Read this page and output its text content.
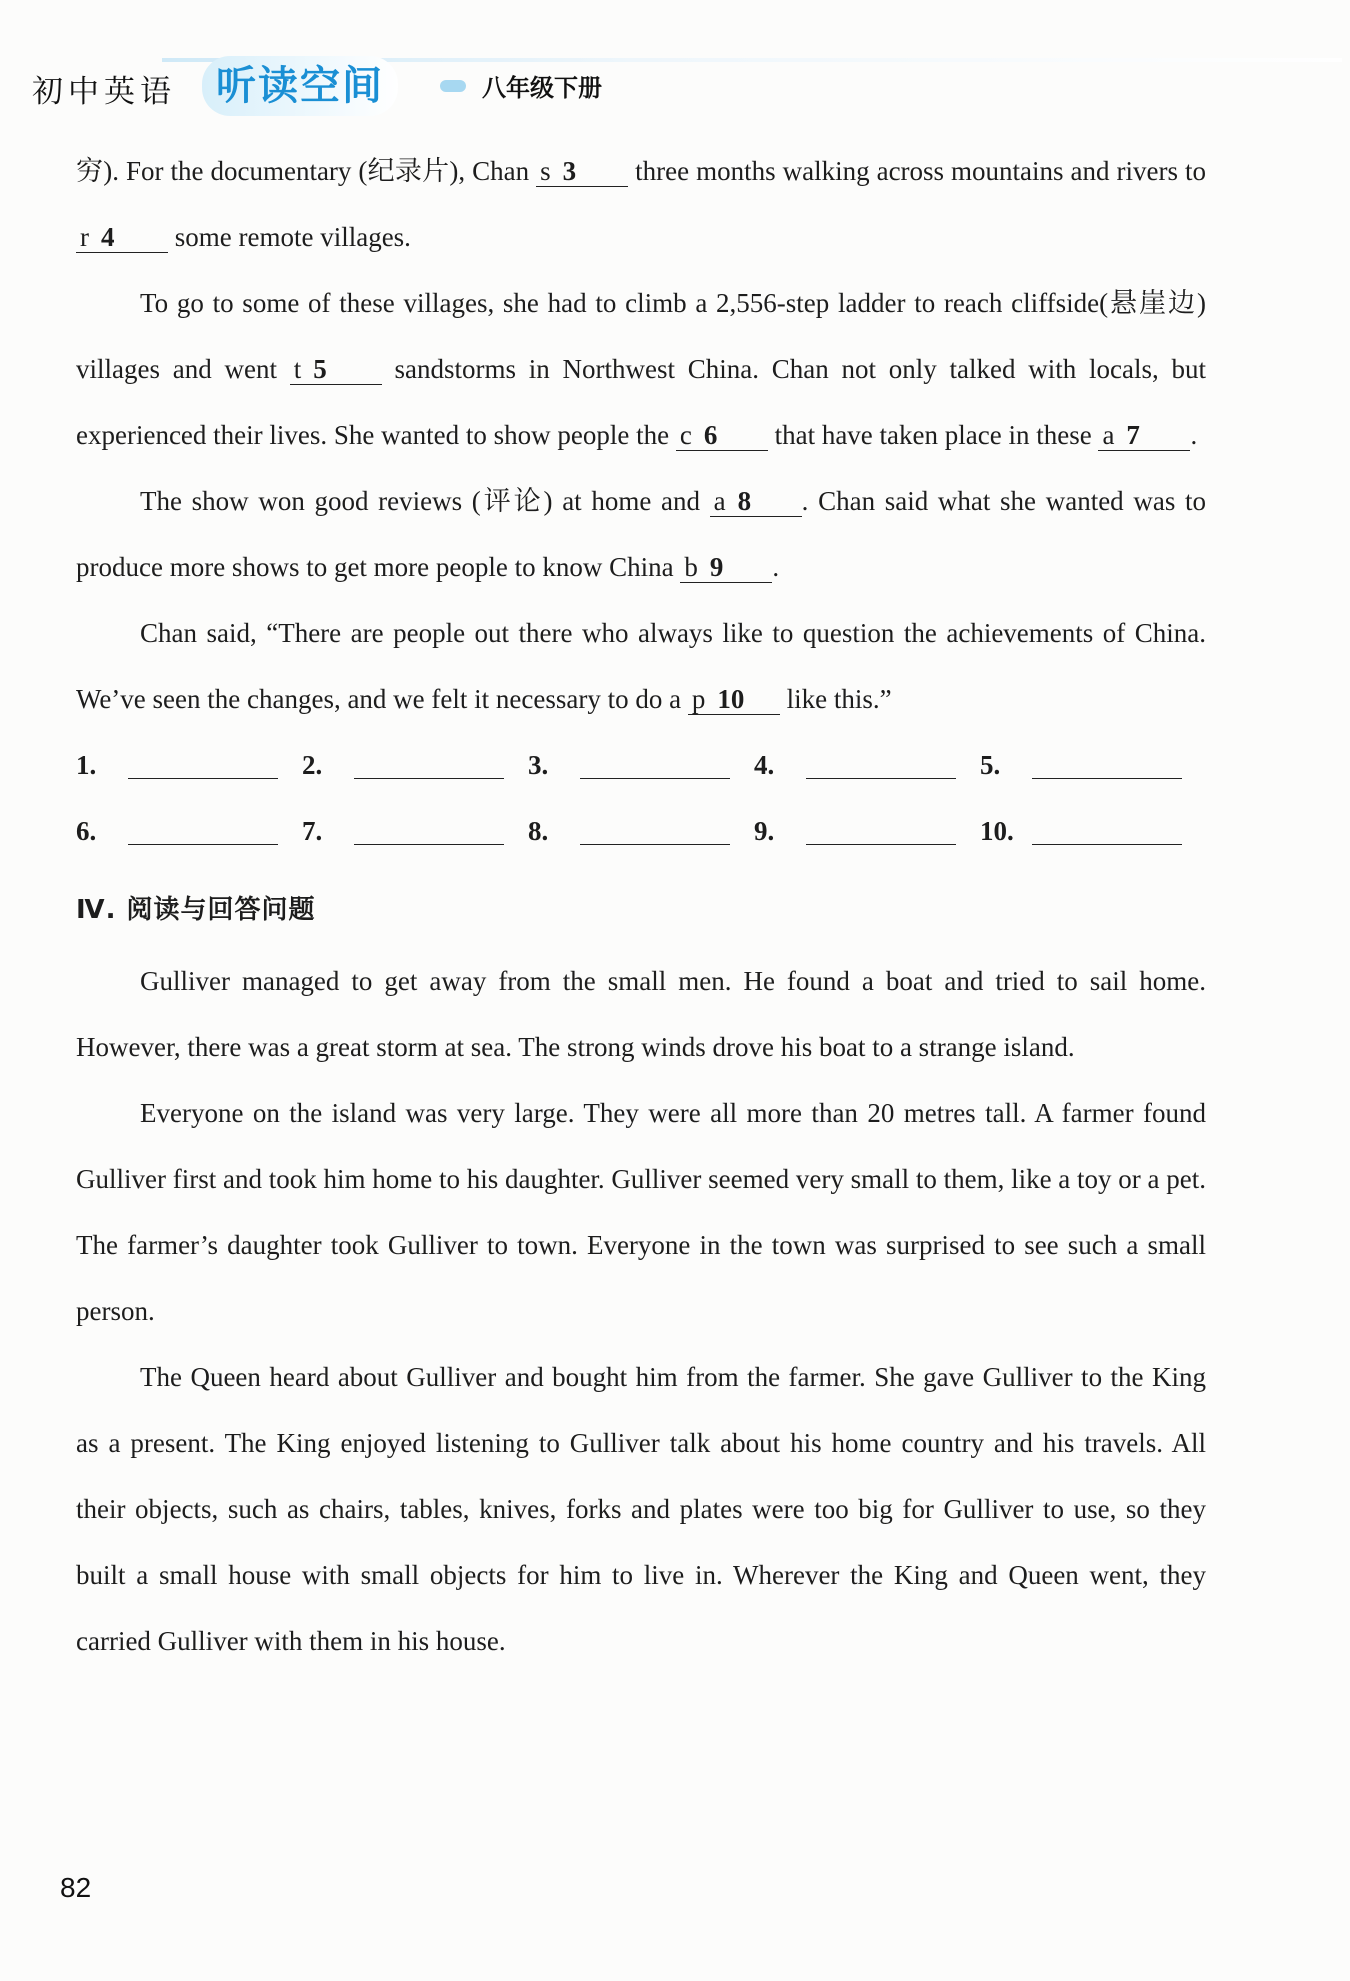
初中英语	听读空间	八年级下册

穷). For the documentary (纪录片), Chan s 3 three months walking across mountains and rivers to r 4 some remote villages.

To go to some of these villages, she had to climb a 2,556-step ladder to reach cliffside(悬崖边) villages and went t 5 sandstorms in Northwest China. Chan not only talked with locals, but experienced their lives. She wanted to show people the c 6 that have taken place in these a 7 .

The show won good reviews (评论) at home and a 8 . Chan said what she wanted was to produce more shows to get more people to know China b 9 .

Chan said, “There are people out there who always like to question the achievements of China. We’ve seen the changes, and we felt it necessary to do a p 10 like this.”

1.	2.	3.	4.	5.
6.	7.	8.	9.	10.
Ⅳ. 阅读与回答问题

Gulliver managed to get away from the small men. He found a boat and tried to sail home. However, there was a great storm at sea. The strong winds drove his boat to a strange island.

Everyone on the island was very large. They were all more than 20 metres tall. A farmer found Gulliver first and took him home to his daughter. Gulliver seemed very small to them, like a toy or a pet. The farmer’s daughter took Gulliver to town. Everyone in the town was surprised to see such a small person.

The Queen heard about Gulliver and bought him from the farmer. She gave Gulliver to the King as a present. The King enjoyed listening to Gulliver talk about his home country and his travels. All their objects, such as chairs, tables, knives, forks and plates were too big for Gulliver to use, so they built a small house with small objects for him to live in. Wherever the King and Queen went, they carried Gulliver with them in his house.

82
